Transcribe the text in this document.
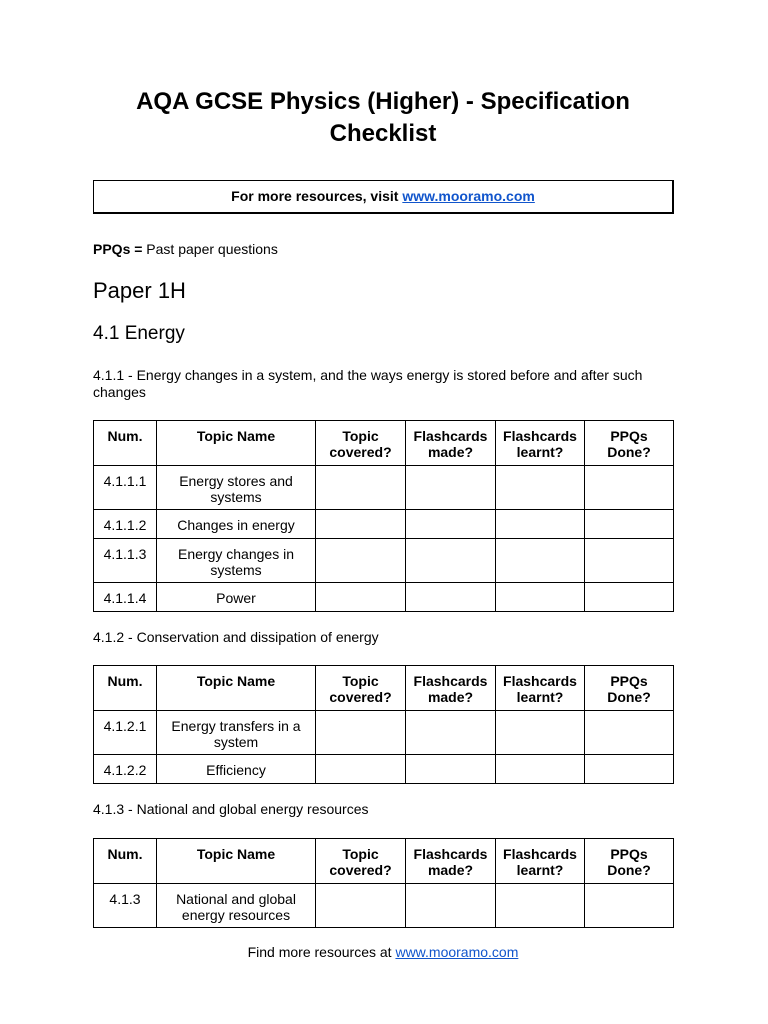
AQA GCSE Physics (Higher) - Specification Checklist
For more resources, visit www.mooramo.com
PPQs = Past paper questions
Paper 1H
4.1 Energy
4.1.1 - Energy changes in a system, and the ways energy is stored before and after such changes
Num.	Topic Name	Topic covered?	Flashcards made?	Flashcards learnt?	PPQs Done?
4.1.1.1	Energy stores and systems				
4.1.1.2	Changes in energy				
4.1.1.3	Energy changes in systems				
4.1.1.4	Power				
4.1.2 - Conservation and dissipation of energy
Num.	Topic Name	Topic covered?	Flashcards made?	Flashcards learnt?	PPQs Done?
4.1.2.1	Energy transfers in a system				
4.1.2.2	Efficiency				
4.1.3 - National and global energy resources
Num.	Topic Name	Topic covered?	Flashcards made?	Flashcards learnt?	PPQs Done?
4.1.3	National and global energy resources				
Find more resources at www.mooramo.com
